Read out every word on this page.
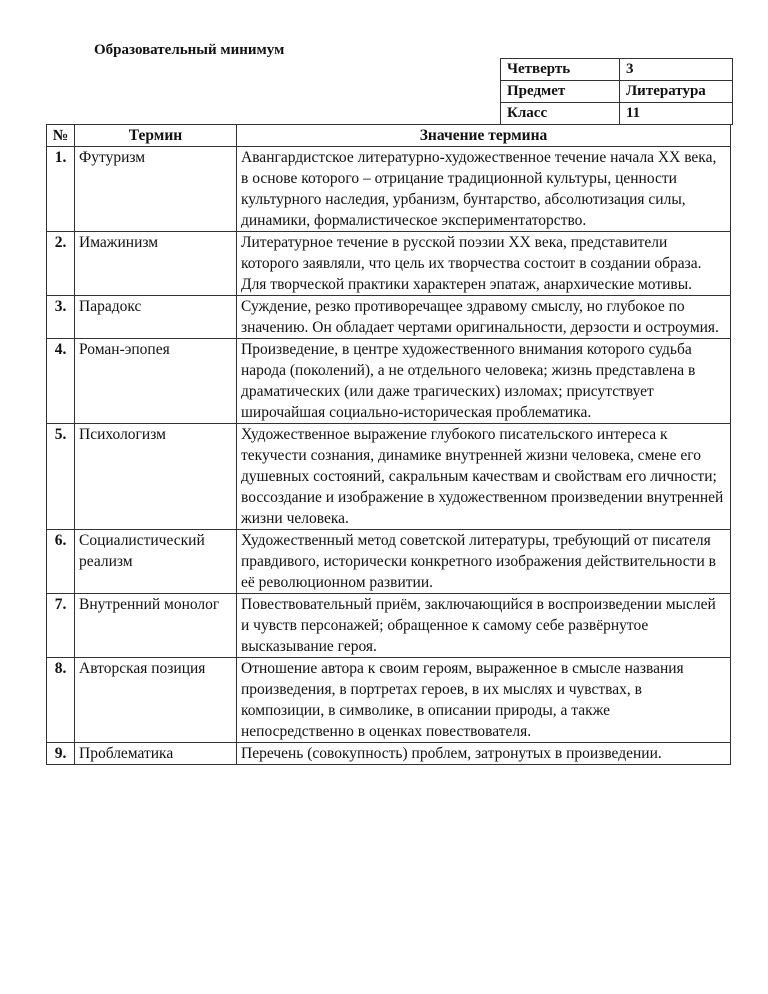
Образовательный минимум
Четверть	3
Предмет	Литература
Класс	11
№	Термин	Значение термина
1.	Футуризм	Авангардистское литературно-художественное течение начала XX века, в основе которого – отрицание традиционной культуры, ценности культурного наследия, урбанизм, бунтарство, абсолютизация силы, динамики, формалистическое экспериментаторство.
2.	Имажинизм	Литературное течение в русской поэзии XX века, представители которого заявляли, что цель их творчества состоит в создании образа. Для творческой практики характерен эпатаж, анархические мотивы.
3.	Парадокс	Суждение, резко противоречащее здравому смыслу, но глубокое по значению. Он обладает чертами оригинальности, дерзости и остроумия.
4.	Роман-эпопея	Произведение, в центре художественного внимания которого судьба народа (поколений), а не отдельного человека; жизнь представлена в драматических (или даже трагических) изломах; присутствует широчайшая социально-историческая проблематика.
5.	Психологизм	Художественное выражение глубокого писательского интереса к текучести сознания, динамике внутренней жизни человека, смене его душевных состояний, сакральным качествам и свойствам его личности; воссоздание и изображение в художественном произведении внутренней жизни человека.
6.	Социалистический реализм	Художественный метод советской литературы, требующий от писателя правдивого, исторически конкретного изображения действительности в её революционном развитии.
7.	Внутренний монолог	Повествовательный приём, заключающийся в воспроизведении мыслей и чувств персонажей; обращенное к самому себе развёрнутое высказывание героя.
8.	Авторская позиция	Отношение автора к своим героям, выраженное в смысле названия произведения, в портретах героев, в их мыслях и чувствах, в композиции, в символике, в описании природы, а также непосредственно в оценках повествователя.
9.	Проблематика	Перечень (совокупность) проблем, затронутых в произведении.
